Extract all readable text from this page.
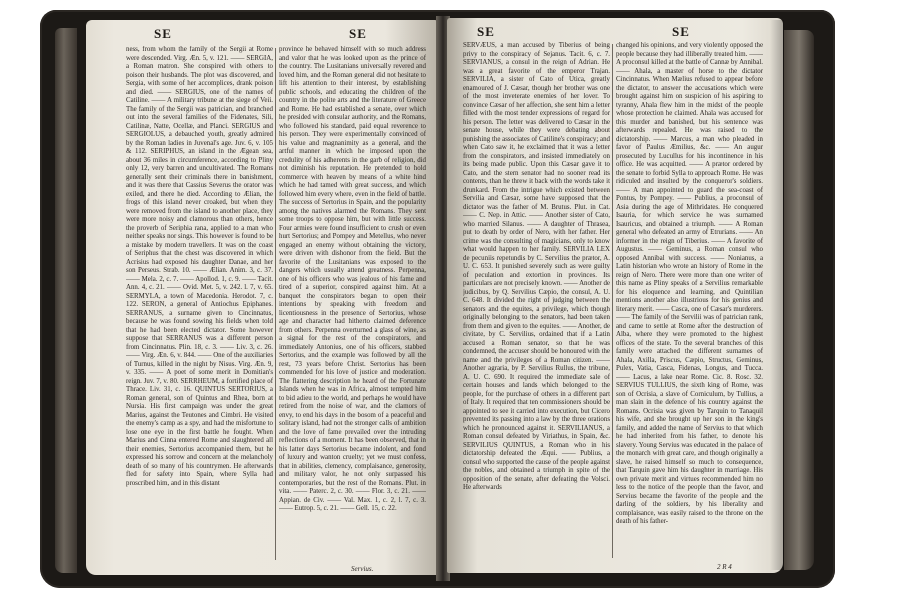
SE	SE

ness, from whom the family of the Sergii at Rome were descended. Virg. Æn. 5, v. 121. —— SERGIA, a Roman matron. She conspired with others to poison their husbands. The plot was discovered, and Sergia, with some of her accomplices, drank poison and died. —— SERGIUS, one of the names of Catiline. —— A military tribune at the siege of Veii. The family of the Sergii was patrician, and branched out into the several families of the Fidenates, Sili, Catilinæ, Natte, Ocellæ, and Planci. SERGIUS and SERGIOLUS, a debauched youth, greatly admired by the Roman ladies in Juvenal's age. Juv. 6, v. 105 & 112. SERIPHUS, an island in the Ægean sea, about 36 miles in circumference, according to Pliny only 12, very barren and uncultivated. The Romans generally sent their criminals there in banishment, and it was there that Cassius Severus the orator was exiled, and there he died. According to Ælian, the frogs of this island never croaked, but when they were removed from the island to another place, they were more noisy and clamorous than others, hence the proverb of Seriphia rana, applied to a man who neither speaks nor sings. This however is found to be a mistake by modern travellers. It was on the coast of Seriphus that the chest was discovered in which Acrisius had exposed his daughter Danae, and her son Perseus. Strab. 10. —— Ælian. Anim. 3, c. 37. —— Mela. 2, c. 7. —— Apollod. 1, c. 9. —— Tacit. Ann. 4, c. 21. —— Ovid. Met. 5, v. 242. l. 7, v. 65. SERMYLA, a town of Macedonia. Herodot. 7, c. 122. SERON, a general of Antiochus Epiphanes. SERRANUS, a surname given to Cincinnatus, because he was found sowing his fields when told that he had been elected dictator. Some however suppose that SERRANUS was a different person from Cincinnatus. Plin. 18, c. 3. —— Liv. 3, c. 26. —— Virg. Æn. 6, v. 844. —— One of the auxiliaries of Turnus, killed in the night by Nisus. Virg. Æn. 9, v. 335. —— A poet of some merit in Domitian's reign. Juv. 7, v. 80. SERRHEUM, a fortified place of Thrace. Liv. 31, c. 16. QUINTUS SERTORIUS, a Roman general, son of Quintus and Rhea, born at Nursia. His first campaign was under the great Marius, against the Teutones and Cimbri. He visited the enemy's camp as a spy, and had the misfortune to lose one eye in the first battle he fought. When Marius and Cinna entered Rome and slaughtered all their enemies, Sertorius accompanied them, but he expressed his sorrow and concern at the melancholy death of so many of his countrymen. He afterwards fled for safety into Spain, where Sylla had proscribed him, and in this distant

province he behaved himself with so much address and valor that he was looked upon as the prince of the country. The Lusitanians universally revered and loved him, and the Roman general did not hesitate to lift his attention to their interest, by establishing public schools, and educating the children of the country in the polite arts and the literature of Greece and Rome. He had established a senate, over which he presided with consular authority, and the Romans, who followed his standard, paid equal reverence to his person. They were experimentally convinced of his value and magnanimity as a general, and the artful manner in which he imposed upon the credulity of his adherents in the garb of religion, did not diminish his reputation. He pretended to hold commerce with heaven by means of a white hind which he had tamed with great success, and which followed him every where, even in the field of battle. The success of Sertorius in Spain, and the popularity among the natives alarmed the Romans. They sent some troops to oppose him, but with little success. Four armies were found insufficient to crush or even hurt Sertorius; and Pompey and Metellus, who never engaged an enemy without obtaining the victory, were driven with dishonor from the field. But the favorite of the Lusitanians was exposed to the dangers which usually attend greatness. Perpenna, one of his officers who was jealous of his fame and tired of a superior, conspired against him. At a banquet the conspirators began to open their intentions by speaking with freedom and licentiousness in the presence of Sertorius, whose age and character had hitherto claimed deference from others. Perpenna overturned a glass of wine, as a signal for the rest of the conspirators, and immediately Antonius, one of his officers, stabbed Sertorius, and the example was followed by all the rest, 73 years before Christ. Sertorius has been commended for his love of justice and moderation. The flattering description he heard of the Fortunate Islands when he was in Africa, almost tempted him to bid adieu to the world, and perhaps he would have retired from the noise of war, and the clamors of envy, to end his days in the bosom of a peaceful and solitary island, had not the stronger calls of ambition and the love of fame prevailed over the intruding reflections of a moment. It has been observed, that in his latter days Sertorius became indolent, and fond of luxury and wanton cruelty; yet we must confess, that in abilities, clemency, complaisance, generosity, and military valor, he not only surpassed his contemporaries, but the rest of the Romans. Plut. in vita. —— Paterc. 2, c. 30. —— Flor. 3, c. 21. —— Appian. de Civ. —— Val. Max. 1, c. 2, l. 7, c. 3. —— Eutrop. 5, c. 21. —— Gell. 15, c. 22.

Servius.
SE	SE

SERVÆUS, a man accused by Tiberius of being privy to the conspiracy of Sejanus. Tacit. 6, c. 7. SERVIANUS, a consul in the reign of Adrian. He was a great favorite of the emperor Trajan. SERVILIA, a sister of Cato of Utica, greatly enamoured of J. Cæsar, though her brother was one of the most inveterate enemies of her lover. To convince Cæsar of her affection, she sent him a letter filled with the most tender expressions of regard for his person. The letter was delivered to Cæsar in the senate house, while they were debating about punishing the associates of Catiline's conspiracy; and when Cato saw it, he exclaimed that it was a letter from the conspirators, and insisted immediately on its being made public. Upon this Cæsar gave it to Cato, and the stern senator had no sooner read its contents, than he threw it back with the words take it drunkard. From the intrigue which existed between Servilia and Cæsar, some have supposed that the dictator was the father of M. Brutus. Plut. in Cat. —— C. Nep. in Attic. —— Another sister of Cato, who married Silanus. —— A daughter of Thrasea, put to death by order of Nero, with her father. Her crime was the consulting of magicians, only to know what would happen to her family. SERVILIA LEX de pecuniis repetundis by C. Servilius the prætor, A. U. C. 653. It punished severely such as were guilty of peculation and extortion in provinces. Its particulars are not precisely known. —— Another de judicibus, by Q. Servilius Cæpio, the consul, A. U. C. 648. It divided the right of judging between the senators and the equites, a privilege, which though originally belonging to the senators, had been taken from them and given to the equites. —— Another, de civitate, by C. Servilius, ordained that if a Latin accused a Roman senator, so that he was condemned, the accuser should be honoured with the name and the privileges of a Roman citizen. —— Another agraria, by P. Servilius Rullus, the tribune, A. U. C. 690. It required the immediate sale of certain houses and lands which belonged to the people, for the purchase of others in a different part of Italy. It required that ten commissioners should be appointed to see it carried into execution, but Cicero prevented its passing into a law by the three orations which he pronounced against it. SERVILIANUS, a Roman consul defeated by Viriathus, in Spain, &c. SERVILIUS QUINTUS, a Roman who in his dictatorship defeated the Æqui. —— Publius, a consul who supported the cause of the people against the nobles, and obtained a triumph in spite of the opposition of the senate, after defeating the Volsci. He afterwards

changed his opinions, and very violently opposed the people because they had illiberally treated him. —— A proconsul killed at the battle of Cannæ by Annibal. —— Ahala, a master of horse to the dictator Cincinnatus. When Mælius refused to appear before the dictator, to answer the accusations which were brought against him on suspicion of his aspiring to tyranny, Ahala flew him in the midst of the people whose protection he claimed. Ahala was accused for this murder and banished, but his sentence was afterwards repealed. He was raised to the dictatorship. —— Marcus, a man who pleaded in favor of Paulus Æmilius, &c. —— An augur prosecuted by Lucullus for his incontinence in his office. He was acquitted. —— A prætor ordered by the senate to forbid Sylla to approach Rome. He was ridiculed and insulted by the conqueror's soldiers. —— A man appointed to guard the sea-coast of Pontus, by Pompey. —— Publius, a proconsul of Asia during the age of Mithridates. He conquered Isauria, for which service he was surnamed Isauricus, and obtained a triumph. —— A Roman general who defeated an army of Etrurians. —— An informer in the reign of Tiberius. —— A favorite of Augustus. —— Geminus, a Roman consul who opposed Annibal with success. —— Nonianus, a Latin historian who wrote an history of Rome in the reign of Nero. There were more than one writer of this name as Pliny speaks of a Servilius remarkable for his eloquence and learning, and Quintilian mentions another also illustrious for his genius and literary merit. —— Casca, one of Cæsar's murderers. —— The family of the Servilii was of patrician rank, and came to settle at Rome after the destruction of Alba, where they were promoted to the highest offices of the state. To the several branches of this family were attached the different surnames of Ahala, Axilla, Priscus, Cæpio, Structus, Geminus, Pulex, Vatia, Casca, Fidenas, Longus, and Tucca. —— Lacus, a lake near Rome. Cic. 8. Rosc. 32. SERVIUS TULLIUS, the sixth king of Rome, was son of Ocrisia, a slave of Corniculum, by Tullius, a man slain in the defence of his country against the Romans. Ocrisia was given by Tarquin to Tanaquil his wife, and she brought up her son in the king's family, and added the name of Servius to that which he had inherited from his father, to denote his slavery. Young Servius was educated in the palace of the monarch with great care, and though originally a slave, he raised himself so much to consequence, that Tarquin gave him his daughter in marriage. His own private merit and virtues recommended him no less to the notice of the people than the favor, and Servius became the favorite of the people and the darling of the soldiers, by his liberality and complaisance, was easily raised to the throne on the death of his father-

2 R 4
